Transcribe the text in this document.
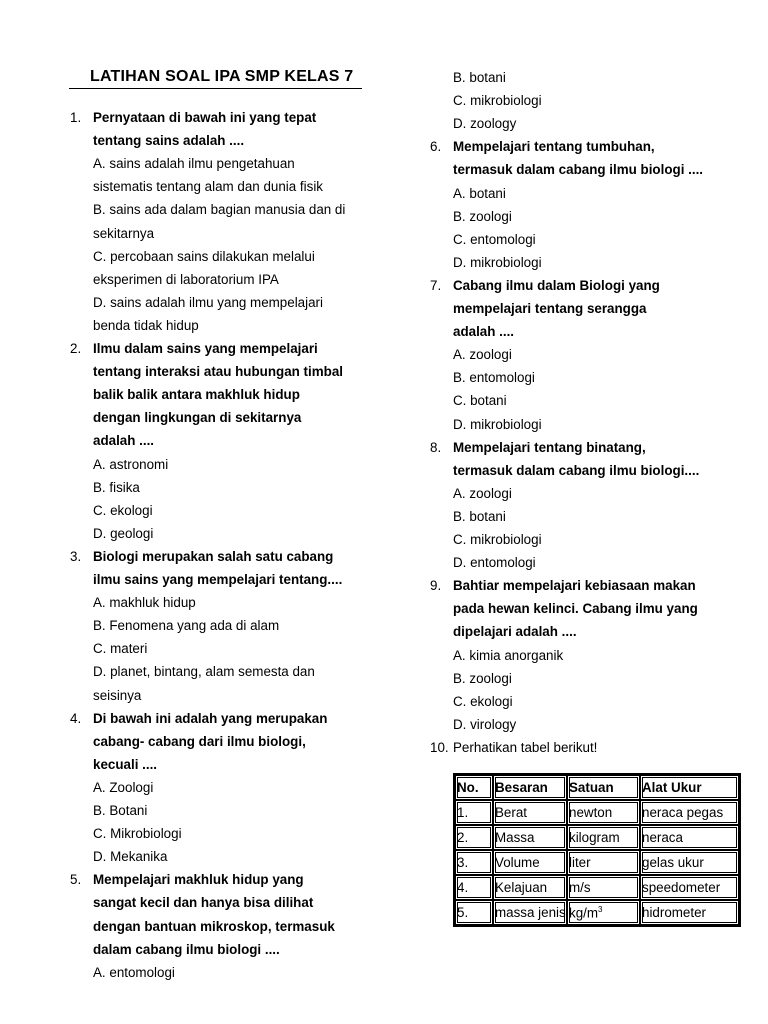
LATIHAN SOAL IPA SMP KELAS 7
1. Pernyataan di bawah ini yang tepat
tentang sains adalah ....
A. sains adalah ilmu pengetahuan
sistematis tentang alam dan dunia fisik
B. sains ada dalam bagian manusia dan di
sekitarnya
C. percobaan sains dilakukan melalui
eksperimen di laboratorium IPA
D. sains adalah ilmu yang mempelajari
benda tidak hidup
2. Ilmu dalam sains yang mempelajari
tentang interaksi atau hubungan timbal
balik balik antara makhluk hidup
dengan lingkungan di sekitarnya
adalah ....
A. astronomi
B. fisika
C. ekologi
D. geologi
3. Biologi merupakan salah satu cabang
ilmu sains yang mempelajari tentang....
A. makhluk hidup
B. Fenomena yang ada di alam
C. materi
D. planet, bintang, alam semesta dan
seisinya
4. Di bawah ini adalah yang merupakan
cabang- cabang dari ilmu biologi,
kecuali ....
A. Zoologi
B. Botani
C. Mikrobiologi
D. Mekanika
5. Mempelajari makhluk hidup yang
sangat kecil dan hanya bisa dilihat
dengan bantuan mikroskop, termasuk
dalam cabang ilmu biologi ....
A. entomologi
B. botani
C. mikrobiologi
D. zoology
6. Mempelajari tentang tumbuhan,
termasuk dalam cabang ilmu biologi ....
A. botani
B. zoologi
C. entomologi
D. mikrobiologi
7. Cabang ilmu dalam Biologi yang
mempelajari tentang serangga
adalah ....
A. zoologi
B. entomologi
C. botani
D. mikrobiologi
8. Mempelajari tentang binatang,
termasuk dalam cabang ilmu biologi....
A. zoologi
B. botani
C. mikrobiologi
D. entomologi
9. Bahtiar mempelajari kebiasaan makan
pada hewan kelinci. Cabang ilmu yang
dipelajari adalah ....
A. kimia anorganik
B. zoologi
C. ekologi
D. virology
10. Perhatikan tabel berikut!
No.	Besaran	Satuan	Alat Ukur
1.	Berat	newton	neraca pegas
2.	Massa	kilogram	neraca
3.	Volume	liter	gelas ukur
4.	Kelajuan	m/s	speedometer
5.	massa jenis	$kg/m^3$	hidrometer
